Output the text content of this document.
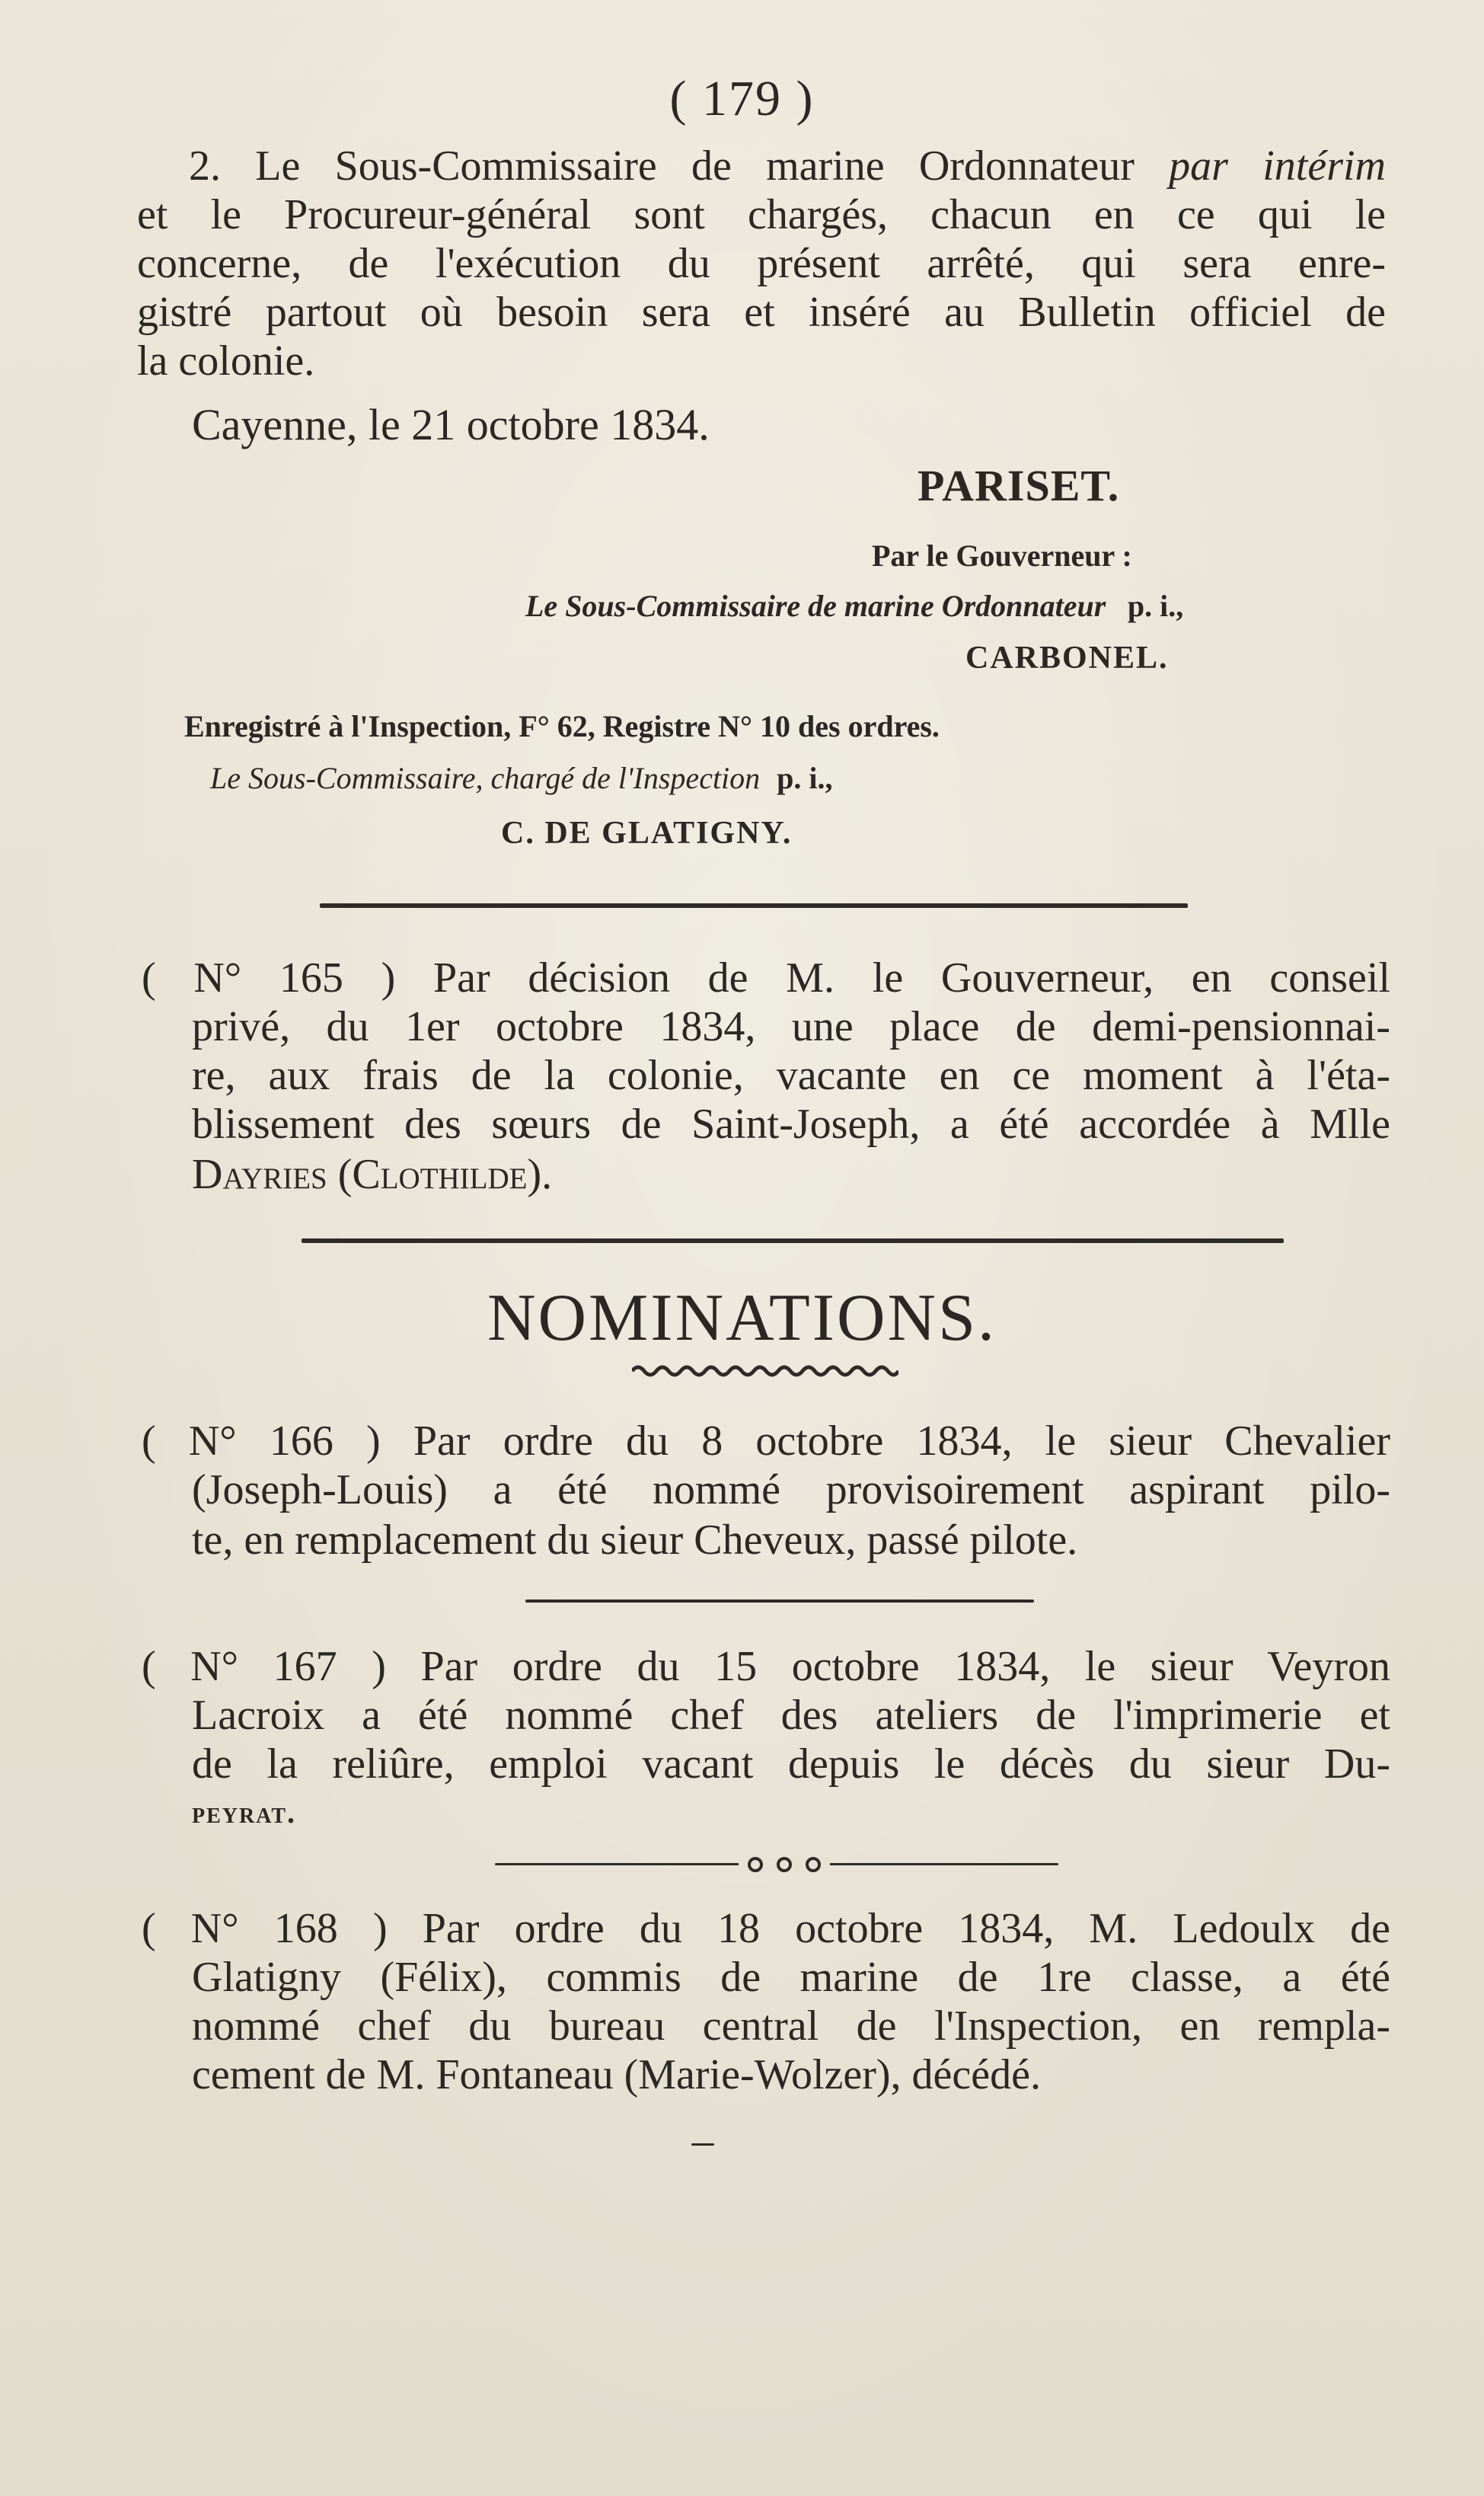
( 179 )
2. Le Sous-Commissaire de marine Ordonnateur par intérim
et le Procureur-général sont chargés, chacun en ce qui le
concerne, de l'exécution du présent arrêté, qui sera enre-
gistré partout où besoin sera et inséré au Bulletin officiel de
la colonie.
Cayenne, le 21 octobre 1834.
PARISET.
Par le Gouverneur :
Le Sous-Commissaire de marine Ordonnateur p. i.,
CARBONEL.
Enregistré à l'Inspection, F° 62, Registre N° 10 des ordres.
Le Sous-Commissaire, chargé de l'Inspection p. i.,
C. DE GLATIGNY.
( N° 165 ) Par décision de M. le Gouverneur, en conseil
privé, du 1er octobre 1834, une place de demi-pensionnai-
re, aux frais de la colonie, vacante en ce moment à l'éta-
blissement des sœurs de Saint-Joseph, a été accordée à Mlle
Dayries (Clothilde).
NOMINATIONS.
( N° 166 ) Par ordre du 8 octobre 1834, le sieur Chevalier
(Joseph-Louis) a été nommé provisoirement aspirant pilo-
te, en remplacement du sieur Cheveux, passé pilote.
( N° 167 ) Par ordre du 15 octobre 1834, le sieur Veyron
Lacroix a été nommé chef des ateliers de l'imprimerie et
de la reliûre, emploi vacant depuis le décès du sieur Du-
peyrat.
( N° 168 ) Par ordre du 18 octobre 1834, M. Ledoulx de
Glatigny (Félix), commis de marine de 1re classe, a été
nommé chef du bureau central de l'Inspection, en rempla-
cement de M. Fontaneau (Marie-Wolzer), décédé.
